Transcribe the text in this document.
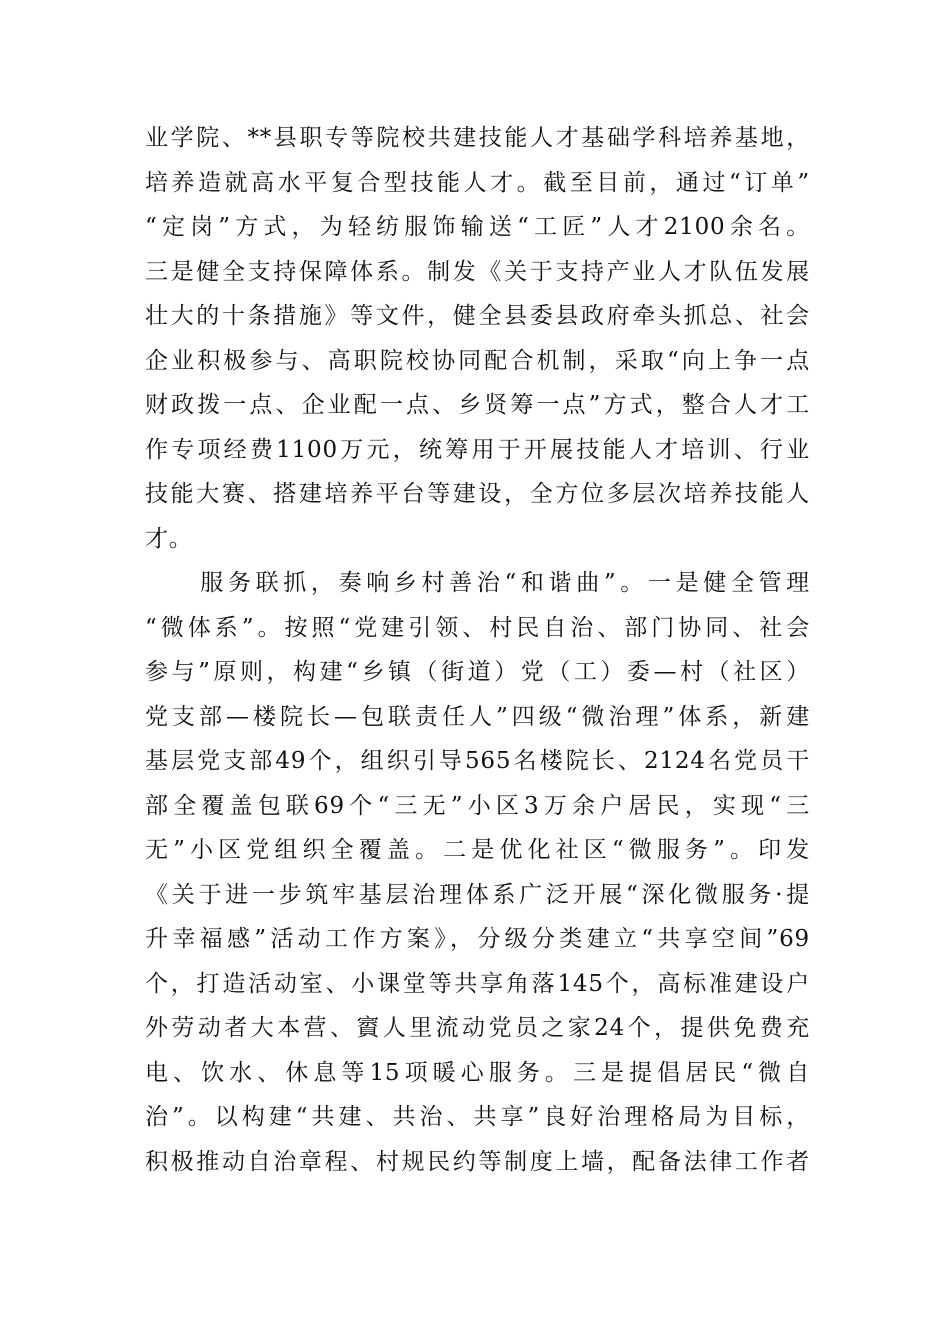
业学院、**县职专等院校共建技能人才基础学科培养基地，
培养造就高水平复合型技能人才。截至目前，通过“订单”
“定岗”方式，为轻纺服饰输送“工匠”人才2100余名。
三是健全支持保障体系。制发《关于支持产业人才队伍发展
壮大的十条措施》等文件，健全县委县政府牵头抓总、社会
企业积极参与、高职院校协同配合机制，采取“向上争一点
财政拨一点、企业配一点、乡贤筹一点”方式，整合人才工
作专项经费1100万元，统筹用于开展技能人才培训、行业
技能大赛、搭建培养平台等建设，全方位多层次培养技能人
才。
　　服务联抓，奏响乡村善治“和谐曲”。一是健全管理
“微体系”。按照“党建引领、村民自治、部门协同、社会
参与”原则，构建“乡镇（街道）党（工）委—村（社区）
党支部—楼院长—包联责任人”四级“微治理”体系，新建
基层党支部49个，组织引导565名楼院长、2124名党员干
部全覆盖包联69个“三无”小区3万余户居民，实现“三
无”小区党组织全覆盖。二是优化社区“微服务”。印发
《关于进一步筑牢基层治理体系广泛开展“深化微服务·提
升幸福感”活动工作方案》，分级分类建立“共享空间”69
个，打造活动室、小课堂等共享角落145个，高标准建设户
外劳动者大本营、賨人里流动党员之家24个，提供免费充
电、饮水、休息等15项暖心服务。三是提倡居民“微自
治”。以构建“共建、共治、共享”良好治理格局为目标，
积极推动自治章程、村规民约等制度上墙，配备法律工作者
